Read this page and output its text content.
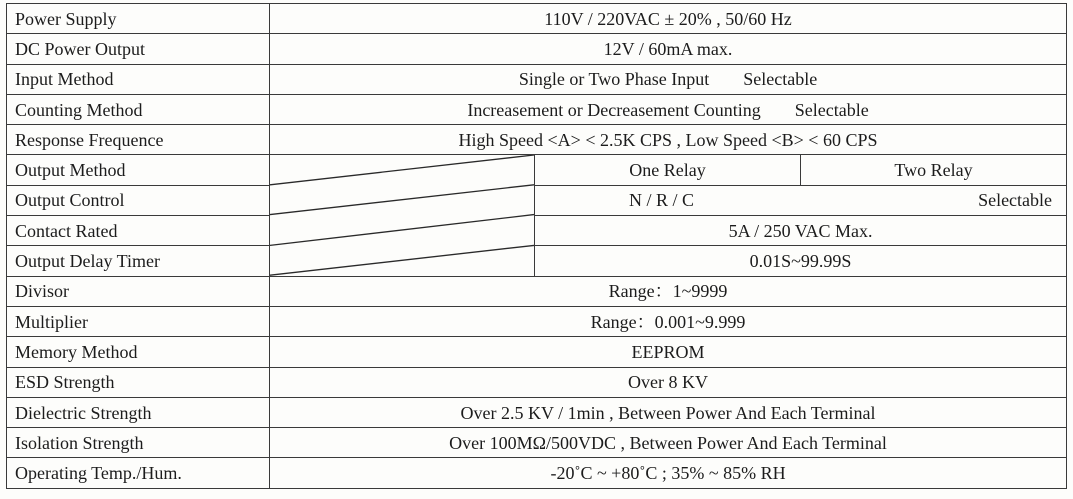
Power Supply	110V / 220VAC ± 20% , 50/60 Hz		
DC Power Output	12V / 60mA max.		
Input Method	Single or Two Phase Input Selectable		
Counting Method	Increasement or Decreasement Counting Selectable		
Response Frequence	High Speed <A> < 2.5K CPS , Low Speed <B> < 60 CPS		
Output Method		One Relay	Two Relay
Output Control		N / R / C Selectable	

Contact Rated		5A / 250 VAC Max.	
Output Delay Timer		0.01S~99.99S	
Divisor	Range：1~9999		
Multiplier	Range：0.001~9.999		
Memory Method	EEPROM		
ESD Strength	Over 8 KV		
Dielectric Strength	Over 2.5 KV / 1min , Between Power And Each Terminal		
Isolation Strength	Over 100MΩ/500VDC , Between Power And Each Terminal		
Operating Temp./Hum.	-20˚C ~ +80˚C ; 35% ~ 85% RH		
